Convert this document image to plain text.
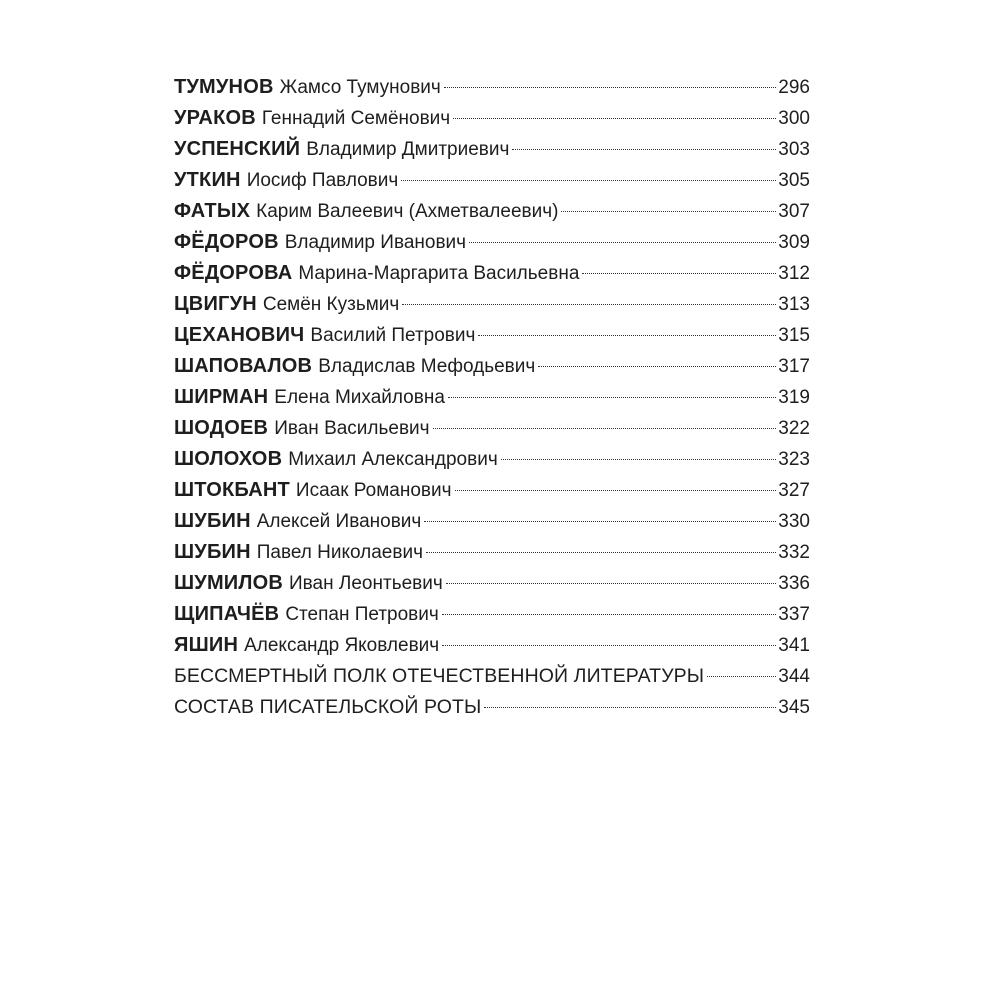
ТУМУНОВ Жамсо Тумунович	296
УРАКОВ Геннадий Семёнович	300
УСПЕНСКИЙ Владимир Дмитриевич	303
УТКИН Иосиф Павлович	305
ФАТЫХ Карим Валеевич (Ахметвалеевич)	307
ФЁДОРОВ Владимир Иванович	309
ФЁДОРОВА Марина-Маргарита Васильевна	312
ЦВИГУН Семён Кузьмич	313
ЦЕХАНОВИЧ Василий Петрович	315
ШАПОВАЛОВ Владислав Мефодьевич	317
ШИРМАН Елена Михайловна	319
ШОДОЕВ Иван Васильевич	322
ШОЛОХОВ Михаил Александрович	323
ШТОКБАНТ Исаак Романович	327
ШУБИН Алексей Иванович	330
ШУБИН Павел Николаевич	332
ШУМИЛОВ Иван Леонтьевич	336
ЩИПАЧЁВ Степан Петрович	337
ЯШИН Александр Яковлевич	341
БЕССМЕРТНЫЙ ПОЛК ОТЕЧЕСТВЕННОЙ ЛИТЕРАТУРЫ	344
СОСТАВ ПИСАТЕЛЬСКОЙ РОТЫ	345
